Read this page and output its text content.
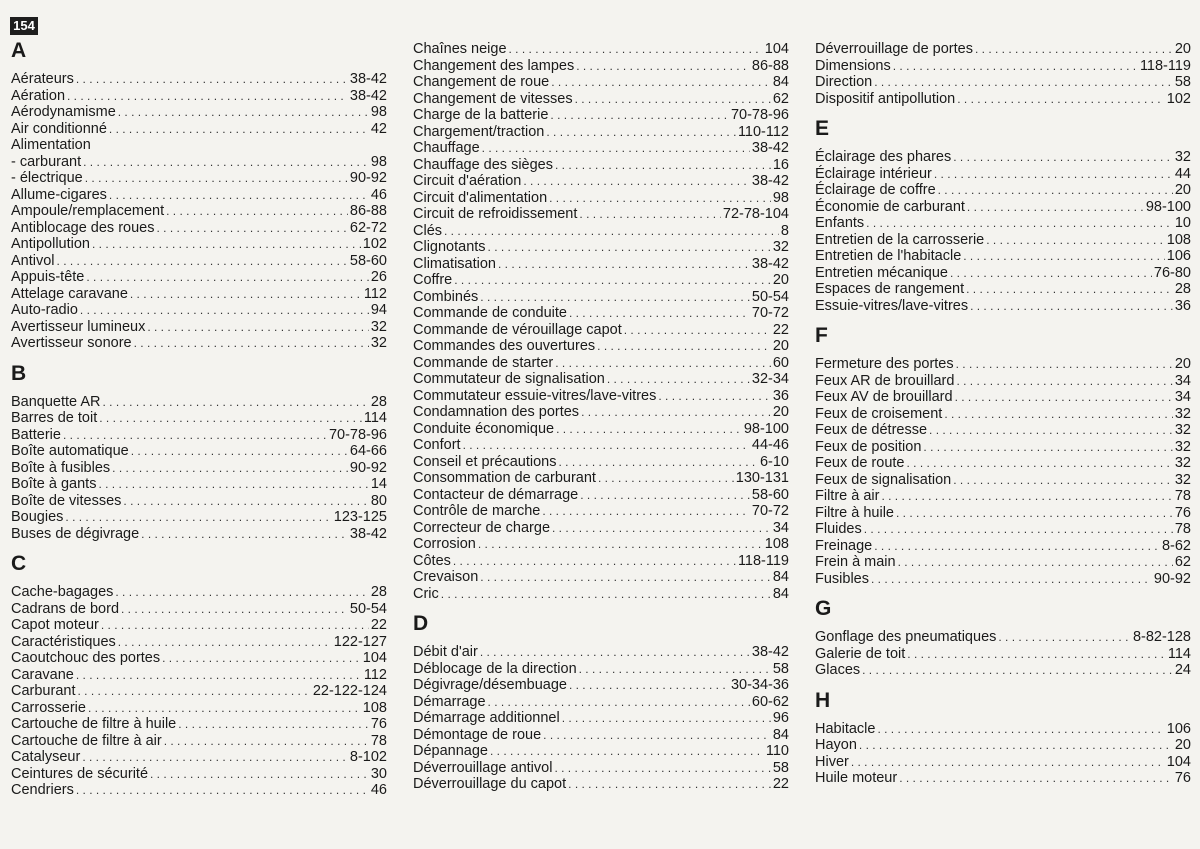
154
A
Aérateurs . . .	38-42
Aération . . .	38-42
Aérodynamisme . . .	98
Air conditionné . . .	42
Alimentation
- carburant . . .	98
- électrique . . .	90-92
Allume-cigares . . .	46
Ampoule/remplacement . . .	86-88
Antiblocage des roues . . .	62-72
Antipollution . . .	102
Antivol . . .	58-60
Appuis-tête . . .	26
Attelage caravane . . .	112
Auto-radio . . .	94
Avertisseur lumineux . . .	32
Avertisseur sonore . . .	32
B
Banquette AR . . .	28
Barres de toit . . .	114
Batterie . . .	70-78-96
Boîte automatique . . .	64-66
Boîte à fusibles . . .	90-92
Boîte à gants . . .	14
Boîte de vitesses . . .	80
Bougies . . .	123-125
Buses de dégivrage . . .	38-42
C
Cache-bagages . . .	28
Cadrans de bord . . .	50-54
Capot moteur . . .	22
Caractéristiques . . .	122-127
Caoutchouc des portes . . .	104
Caravane . . .	112
Carburant . . .	22-122-124
Carrosserie . . .	108
Cartouche de filtre à huile . . .	76
Cartouche de filtre à air . . .	78
Catalyseur . . .	8-102
Ceintures de sécurité . . .	30
Cendriers . . .	46
Chaînes neige . . .	104
Changement des lampes . . .	86-88
Changement de roue . . .	84
Changement de vitesses . . .	62
Charge de la batterie . . .	70-78-96
Chargement/traction . . .	110-112
Chauffage . . .	38-42
Chauffage des sièges . . .	16
Circuit d'aération . . .	38-42
Circuit d'alimentation . . .	98
Circuit de refroidissement . . .	72-78-104
Clés . . .	8
Clignotants . . .	32
Climatisation . . .	38-42
Coffre . . .	20
Combinés . . .	50-54
Commande de conduite . . .	70-72
Commande de vérouillage capot . . .	22
Commandes des ouvertures . . .	20
Commande de starter . . .	60
Commutateur de signalisation . . .	32-34
Commutateur essuie-vitres/lave-vitres . . .	36
Condamnation des portes . . .	20
Conduite économique . . .	98-100
Confort . . .	44-46
Conseil et précautions . . .	6-10
Consommation de carburant . . .	130-131
Contacteur de démarrage . . .	58-60
Contrôle de marche . . .	70-72
Correcteur de charge . . .	34
Corrosion . . .	108
Côtes . . .	118-119
Crevaison . . .	84
Cric . . .	84
D
Débit d'air . . .	38-42
Déblocage de la direction . . .	58
Dégivrage/désembuage . . .	30-34-36
Démarrage . . .	60-62
Démarrage additionnel . . .	96
Démontage de roue . . .	84
Dépannage . . .	110
Déverrouillage antivol . . .	58
Déverrouillage du capot . . .	22
Déverrouillage de portes . . .	20
Dimensions . . .	118-119
Direction . . .	58
Dispositif antipollution . . .	102
E
Éclairage des phares . . .	32
Éclairage intérieur . . .	44
Éclairage de coffre . . .	20
Économie de carburant . . .	98-100
Enfants . . .	10
Entretien de la carrosserie . . .	108
Entretien de l'habitacle . . .	106
Entretien mécanique . . .	76-80
Espaces de rangement . . .	28
Essuie-vitres/lave-vitres . . .	36
F
Fermeture des portes . . .	20
Feux AR de brouillard . . .	34
Feux AV de brouillard . . .	34
Feux de croisement . . .	32
Feux de détresse . . .	32
Feux de position . . .	32
Feux de route . . .	32
Feux de signalisation . . .	32
Filtre à air . . .	78
Filtre à huile . . .	76
Fluides . . .	78
Freinage . . .	8-62
Frein à main . . .	62
Fusibles . . .	90-92
G
Gonflage des pneumatiques . . .	8-82-128
Galerie de toit . . .	114
Glaces . . .	24
H
Habitacle . . .	106
Hayon . . .	20
Hiver . . .	104
Huile moteur . . .	76
